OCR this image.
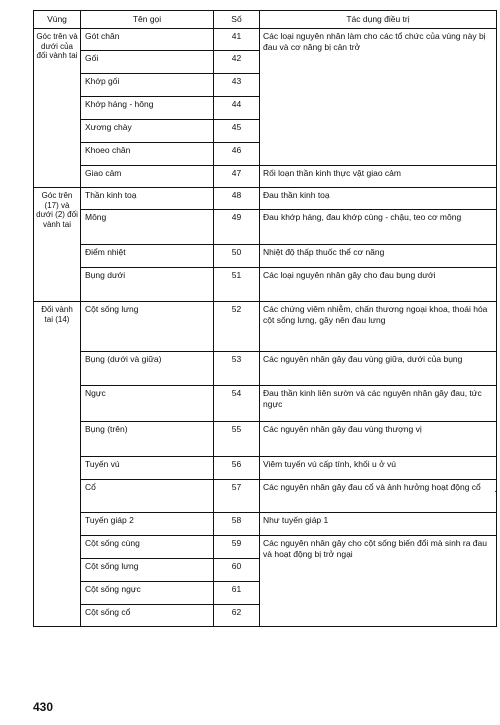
Vùng	Tên gọi	Số	Tác dụng điều trị
Góc trên và dưới của đối vành tai	Gót chân	41	Các loại nguyên nhân làm cho các tổ chức của vùng này bị đau và cơ năng bị cản trở
	Gối	42	
	Khớp gối	43	
	Khớp háng - hông	44	
	Xương chày	45	
	Khoeo chân	46	
	Giao cảm	47	Rối loạn thần kinh thực vật giao cảm
Góc trên (17) và dưới (2) đối vành tai	Thần kinh toạ	48	Đau thần kinh toạ
	Mông	49	Đau khớp háng, đau khớp cùng - chậu, teo cơ mông
	Điểm nhiệt	50	Nhiệt độ thấp thuốc thể cơ năng
	Bụng dưới	51	Các loại nguyên nhân gây cho đau bụng dưới
Đối vành tai (14)	Cột sống lưng	52	Các chứng viêm nhiễm, chấn thương ngoại khoa, thoái hóa cột sống lưng, gây nên đau lưng
	Bụng (dưới và giữa)	53	Các nguyên nhân gây đau vùng giữa, dưới của bụng
	Ngực	54	Đau thần kinh liên sườn và các nguyên nhân gây đau, tức ngực
	Bụng (trên)	55	Các nguyên nhân gây đau vùng thượng vị
	Tuyến vú	56	Viêm tuyến vú cấp tính, khối u ở vú
	Cổ	57	Các nguyên nhân gây đau cổ và ảnh hưởng hoạt động cổ
	Tuyến giáp 2	58	Như tuyến giáp 1
	Cột sống cùng	59	Các nguyên nhân gây cho cột sống biến đổi mà sinh ra đau và hoạt động bị trở ngại
	Cột sống lưng	60	
	Cột sống ngực	61	
	Cột sống cổ	62	
430
·
